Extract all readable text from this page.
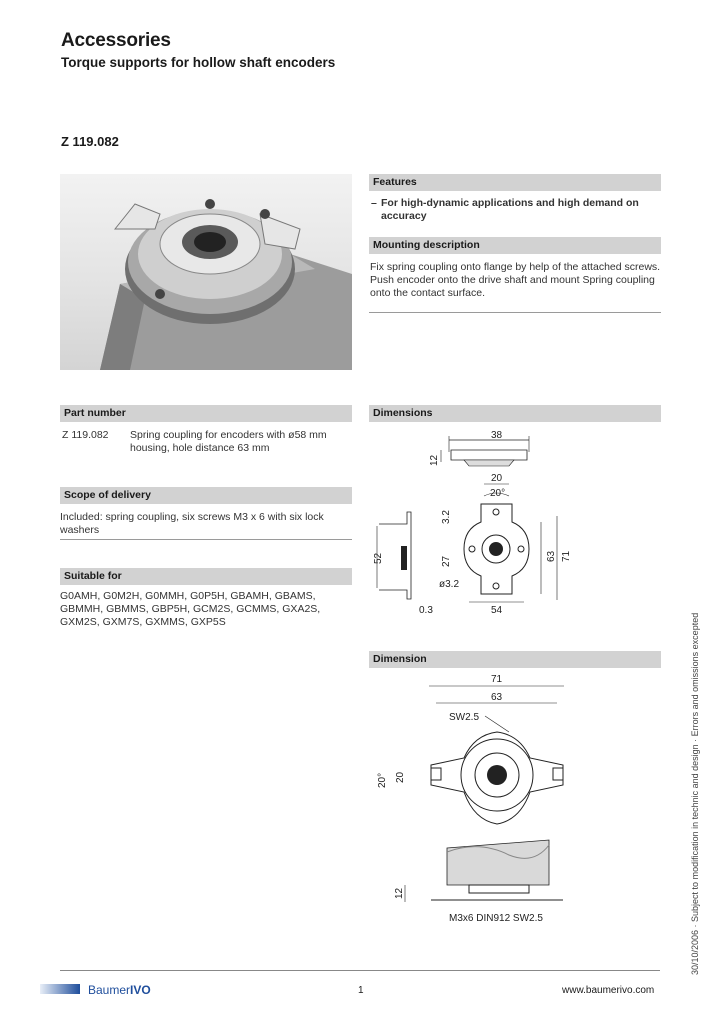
Accessories
Torque supports for hollow shaft encoders
Z 119.082
Features
– For high-dynamic applications and high demand on accuracy
Mounting description
Fix spring coupling onto flange by help of the attached screws. Push encoder onto the drive shaft and mount Spring coupling onto the contact surface.
Part number
Z 119.082	Spring coupling for encoders with ø58 mm housing, hole distance 63 mm
Scope of delivery
Included: spring coupling, six screws M3 x 6 with six lock washers
Suitable for
G0AMH, G0M2H, G0MMH, G0P5H, GBAMH, GBAMS, GBMMH, GBMMS, GBP5H, GCM2S, GCMMS, GXA2S, GXM2S, GXM7S, GXMMS, GXP5S
Dimensions
38
12
20
20°
3.2
27
ø3.2
63 71
54
52
0.3
Dimension
71
63
SW2.5
20° 20
12
M3x6 DIN912 SW2.5	30/10/2006 · Subject to modification in technic and design · Errors and omissions excepted
BaumerIVO	1	www.baumerivo.com
